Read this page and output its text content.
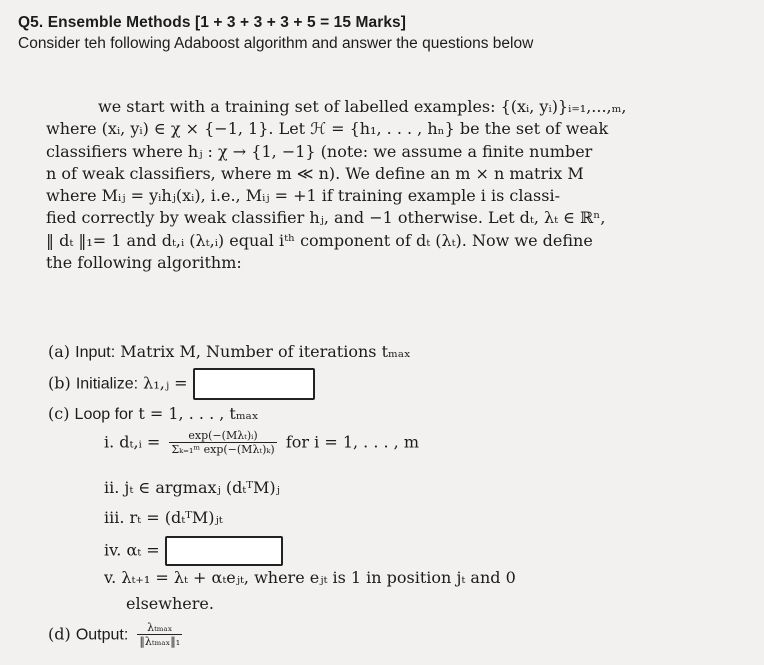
Q5. Ensemble Methods [1 + 3 + 3 + 3 + 5 = 15 Marks]
Consider teh following Adaboost algorithm and answer the questions below
we start with a training set of labelled examples: {(xᵢ, yᵢ)}ᵢ₌₁,...,ₘ,
where (xᵢ, yᵢ) ∈ χ × {−1, 1}. Let ℋ = {h₁, . . . , hₙ} be the set of weak
classifiers where hⱼ : χ → {1, −1} (note: we assume a finite number
n of weak classifiers, where m ≪ n). We define an m × n matrix M
where Mᵢⱼ = yᵢhⱼ(xᵢ), i.e., Mᵢⱼ = +1 if training example i is classi-
fied correctly by weak classifier hⱼ, and −1 otherwise. Let dₜ, λₜ ∈ ℝⁿ,
‖ dₜ ‖₁= 1 and dₜ,ᵢ (λₜ,ᵢ) equal iᵗʰ component of dₜ (λₜ). Now we define
the following algorithm:
(a) Input: Matrix M, Number of iterations tₘₐₓ
(b) Initialize: λ₁,ⱼ =
(c) Loop for t = 1, . . . , tₘₐₓ
i. dₜ,ᵢ = $\frac{\text{exp(−(Mλₜ)ᵢ)}}{\text{Σₖ₌₁ᵐ exp(−(Mλₜ)ₖ)}}$ for i = 1, . . . , m
ii. jₜ ∈ argmaxⱼ (dₜᵀM)ⱼ
iii. rₜ = (dₜᵀM)ⱼₜ
iv. αₜ =
v. λₜ₊₁ = λₜ + αₜeⱼₜ, where eⱼₜ is 1 in position jₜ and 0
elsewhere.
(d) Output: $\frac{\text{λₜₘₐₓ}}{\text{‖λₜₘₐₓ‖₁}}$
